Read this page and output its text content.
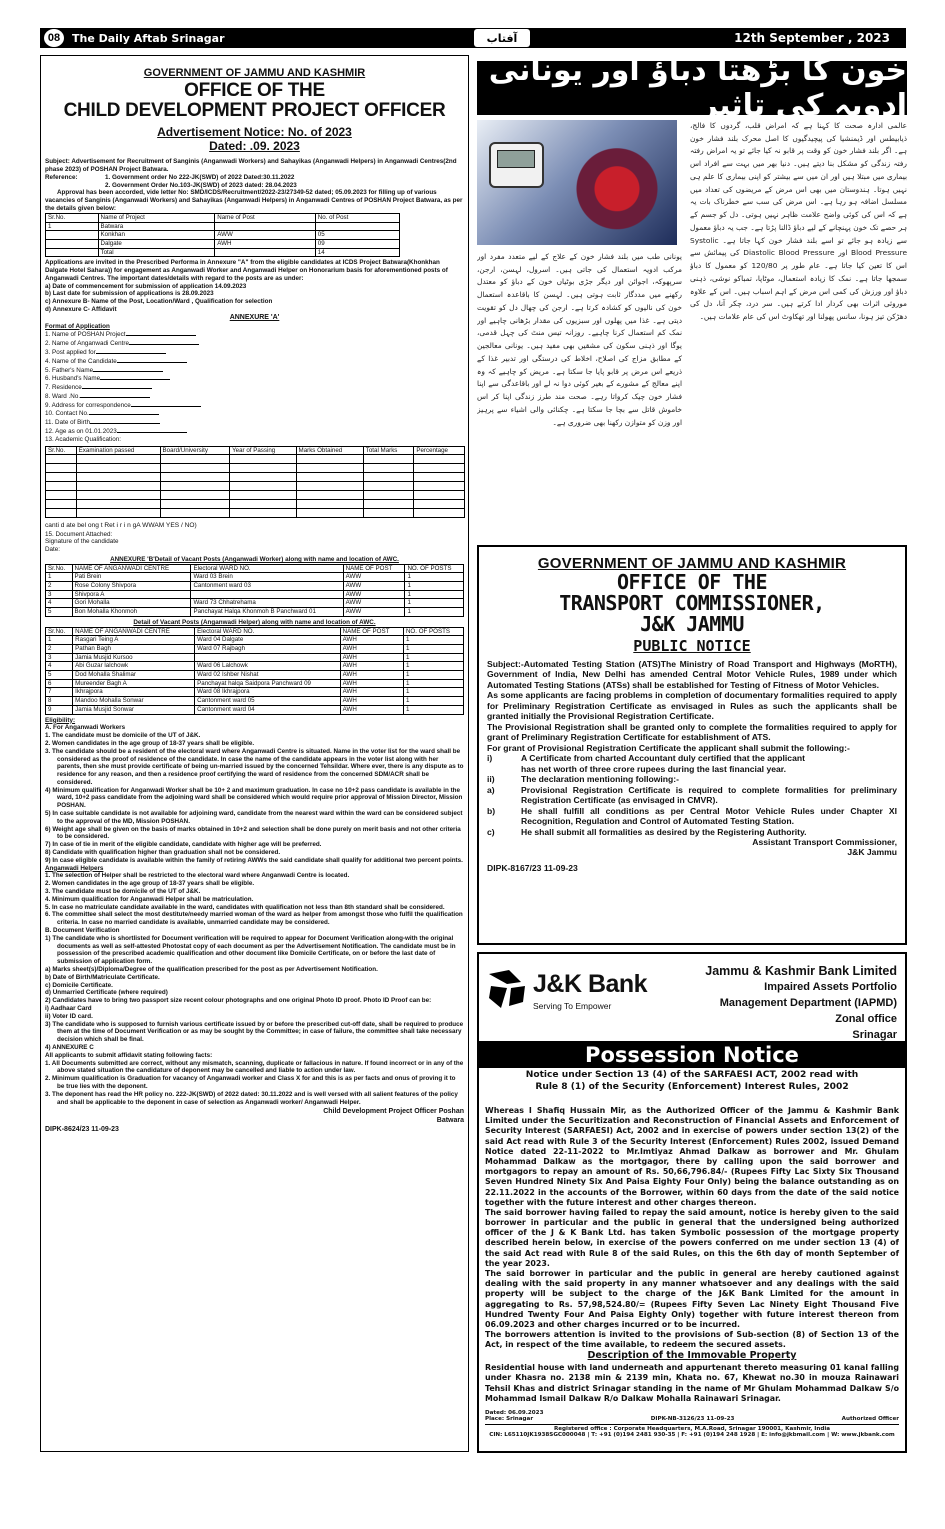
08	The Daily Aftab Srinagar	آفتاب	12th September , 2023
GOVERNMENT OF JAMMU AND KASHMIR
OFFICE OF THE
CHILD DEVELOPMENT PROJECT OFFICER
Advertisement Notice: No. of 2023
Dated: .09. 2023
Subject: Advertisement for Recruitment of Sanginis (Anganwadi Workers) and Sahayikas (Anganwadi Helpers) in Anganwadi Centres(2nd phase 2023) of POSHAN Project Batwara.
Reference:	1. Government order No 222-JK(SWD) of 2022 Dated:30.11.2022
2. Government Order No.103-JK(SWD) of 2023 dated: 28.04.2023
Approval has been accorded, vide letter No: SMD/ICDS/Recruitment/2022-23/27349-52 dated; 05.09.2023 for filling up of various vacancies of Sanginis (Anganwadi Workers) and Sahayikas (Anganwadi Helpers) in Anganwadi Centres of POSHAN Project Batwara, as per the details given below:
Sr.No.	Name of Project	Name of Post	No. of Post
1	Batwara		
	Konkhan	AWW	05
	Dalgate	AWH	09
	Total		14
Applications are invited in the Prescribed Performa in Annexure "A" from the eligible candidates at ICDS Project Batwara(Khonkhan Dalgate Hotel Sahara)) for engagement as Anganwadi Worker and Anganwadi Helper on Honorarium basis for aforementioned posts of Anganwadi Centres. The important dates/details with regard to the posts are as under:
a) Date of commencement for submission of application 14.09.2023
b) Last date for submission of applications is 28.09.2023
c) Annexure B- Name of the Post, Location/Ward , Qualification for selection
d) Annexure C- Affidavit
ANNEXURE 'A'
Format of Application
1. Name of POSHAN Project
2. Name of Anganwadi Centre
3. Post applied for
4. Name of the Candidate
5. Father's Name
6. Husband's Name
7. Residence
8. Ward .No.
9. Address for correspondence
10. Contact No.
11. Date of Birth
12. Age as on 01.01.2023
13. Academic Qualification:
Sr.No.	Examination passed	Board/University	Year of Passing	Marks Obtained	Total Marks	Percentage

canti d ate bel ong t Ret i r i n gA WWAM YES / NO)
15. Document Attached:
Signature of the candidate
Date:
ANNEXURE 'B'Detail of Vacant Posts (Anganwadi Worker) along with name and location of AWC.
Sr.No.	NAME OF ANGANWADI CENTRE	Electoral WARD NO.	NAME OF POST	NO. OF POSTS
1	Pati Brein	Ward 03 Brein	AWW	1
2	Rose Colony Shivpora	Cantonment ward 03	AWW	1
3	Shivpora A		AWW	1
4	Gori Mohalla	Ward 73 Chhatrehama	AWW	1
5	Bon Mohalla Khonmoh	Panchayat Halqa Khonmoh B Panchward 01	AWW	1
Detail of Vacant Posts (Anganwadi Helper) along with name and location of AWC.
Sr.No.	NAME OF ANGANWADI CENTRE	Electoral WARD NO.	NAME OF POST	NO. OF POSTS
1	Rasgari Teing A	Ward 04 Dalgate	AWH	1
2	Pathan Bagh	Ward 07 Rajbagh	AWH	1
3	Jamia Musjid Kursoo		AWH	1
4	Abi Guzar lalchowk	Ward 06 Lalchowk	AWH	1
5	Dod Mohalla Shalimar	Ward 02 Ishber Nishat	AWH	1
6	Mureender Bagh A	Panchayat halqa Saidpora Panchward 09	AWH	1
7	Ikhrajpora	Ward 08 Ikhrajpora	AWH	1
8	Mandoo Mohalla Sonwar	Cantonment ward 05	AWH	1
9	Jamia Musjid Sonwar	Cantonment ward 04	AWH	1
Eligibility:
A. For Anganwadi Workers
1. The candidate must be domicile of the UT of J&K.
2. Women candidates in the age group of 18-37 years shall be eligible.
3. The candidate should be a resident of the electoral ward where Anganwadi Centre is situated. Name in the voter list for the ward shall be considered as the proof of residence of the candidate. In case the name of the candidate appears in the voter list along with her parents, then she must provide certificate of being un-married issued by the concerned Tehsildar. Where ever, there is any dispute as to residence for any reason, and then a residence proof certifying the ward of residence from the concerned SDM/ACR shall be considered.
4) Minimum qualification for Anganwadi Worker shall be 10+ 2 and maximum graduation. In case no 10+2 pass candidate is available in the ward, 10+2 pass candidate from the adjoining ward shall be considered which would require prior approval of Mission Director, Mission POSHAN.
5) In case suitable candidate is not available for adjoining ward, candidate from the nearest ward within the ward can be considered subject to the approval of the MD, Mission POSHAN.
6) Weight age shall be given on the basis of marks obtained in 10+2 and selection shall be done purely on merit basis and not other criteria to be considered.
7) In case of tie in merit of the eligible candidate, candidate with higher age will be preferred.
8) Candidate with qualification higher than graduation shall not be considered.
9) In case eligible candidate is available within the family of retiring AWWs the said candidate shall qualify for additional two percent points.
Anganwadi Helpers
1. The selection of Helper shall be restricted to the electoral ward where Anganwadi Centre is located.
2. Women candidates in the age group of 18-37 years shall be eligible.
3. The candidate must be domicile of the UT of J&K.
4. Minimum qualification for Anganwadi Helper shall be matriculation.
5. In case no matriculate candidate available in the ward, candidates with qualification not less than 8th standard shall be considered.
6. The committee shall select the most destitute/needy married woman of the ward as helper from amongst those who fulfil the qualification criteria. In case no married candidate is available, unmarried candidate may be considered.
B. Document Verification
1) The candidate who is shortlisted for Document verification will be required to appear for Document Verification along-with the original documents as well as self-attested Photostat copy of each document as per the Advertisement Notification. The candidate must be in possession of the prescribed academic qualification and other document like Domicile Certificate, on or before the last date of submission of application form.
a) Marks sheet(s)/Diploma/Degree of the qualification prescribed for the post as per Advertisement Notification.
b) Date of Birth/Matriculate Certificate.
c) Domicile Certificate.
d) Unmarried Certificate (where required)
2) Candidates have to bring two passport size recent colour photographs and one original Photo ID proof. Photo ID Proof can be:
i) Aadhaar Card
ii) Voter ID card.
3) The candidate who is supposed to furnish various certificate issued by or before the prescribed cut-off date, shall be required to produce them at the time of Document Verification or as may be sought by the Committee; in case of failure, the committee shall take necessary decision which shall be final.
4) ANNEXURE C
All applicants to submit affidavit stating following facts:
1. All Documents submitted are correct, without any mismatch, scanning, duplicate or fallacious in nature. If found incorrect or in any of the above stated situation the candidature of deponent may be cancelled and liable to action under law.
2. Minimum qualification is Graduation for vacancy of Anganwadi worker and Class X for and this is as per facts and onus of proving it to be true lies with the deponent.
3. The deponent has read the HR policy no. 222-JK(SWD) of 2022 dated: 30.11.2022 and is well versed with all salient features of the policy and shall be applicable to the deponent in case of selection as Anganwadi worker/ Anganwadi Helper.
Child Development Project Officer Poshan
Batwara
DIPK-8624/23 11-09-23
خون کا بڑھتا دباؤ اور یونانی ادویہ کی تاثیر
عالمی ادارہ صحت کا کہنا ہے کہ امراض قلب، گردوں کا فالج، ذیابیطس اور ڈیمنشیا کی پیچیدگیوں کا اصل محرک بلند فشار خون ہے۔ اگر بلند فشار خون کو وقت پر قابو نہ کیا جائے تو یہ امراض رفتہ رفتہ زندگی کو مشکل بنا دیتے ہیں۔ دنیا بھر میں بہت سے افراد اس بیماری میں مبتلا ہیں اور ان میں سے بیشتر کو اپنی بیماری کا علم ہی نہیں ہوتا۔ ہندوستان میں بھی اس مرض کے مریضوں کی تعداد میں مسلسل اضافہ ہو رہا ہے۔ اس مرض کی سب سے خطرناک بات یہ ہے کہ اس کی کوئی واضح علامت ظاہر نہیں ہوتی۔ دل کو جسم کے ہر حصے تک خون پہنچانے کے لیے دباؤ ڈالنا پڑتا ہے۔ جب یہ دباؤ معمول سے زیادہ ہو جائے تو اسے بلند فشار خون کہا جاتا ہے۔ Systolic Blood Pressure اور Diastolic Blood Pressure کی پیمائش سے اس کا تعین کیا جاتا ہے۔ عام طور پر 120/80 کو معمول کا دباؤ سمجھا جاتا ہے۔ نمک کا زیادہ استعمال، موٹاپا، تمباکو نوشی، ذہنی دباؤ اور ورزش کی کمی اس مرض کے اہم اسباب ہیں۔ اس کے علاوہ موروثی اثرات بھی کردار ادا کرتے ہیں۔ سر درد، چکر آنا، دل کی دھڑکن تیز ہونا، سانس پھولنا اور تھکاوٹ اس کی عام علامات ہیں۔
یونانی طب میں بلند فشار خون کے علاج کے لیے متعدد مفرد اور مرکب ادویہ استعمال کی جاتی ہیں۔ اسرول، لہسن، ارجن، سرپھوکہ، اجوائن اور دیگر جڑی بوٹیاں خون کے دباؤ کو معتدل رکھنے میں مددگار ثابت ہوتی ہیں۔ لہسن کا باقاعدہ استعمال خون کی نالیوں کو کشادہ کرتا ہے۔ ارجن کی چھال دل کو تقویت دیتی ہے۔ غذا میں پھلوں اور سبزیوں کی مقدار بڑھانی چاہیے اور نمک کم استعمال کرنا چاہیے۔ روزانہ تیس منٹ کی چہل قدمی، یوگا اور ذہنی سکون کی مشقیں بھی مفید ہیں۔ یونانی معالجین کے مطابق مزاج کی اصلاح، اخلاط کی درستگی اور تدبیر غذا کے ذریعے اس مرض پر قابو پایا جا سکتا ہے۔ مریض کو چاہیے کہ وہ اپنے معالج کے مشورے کے بغیر کوئی دوا نہ لے اور باقاعدگی سے اپنا فشار خون چیک کرواتا رہے۔ صحت مند طرز زندگی اپنا کر اس خاموش قاتل سے بچا جا سکتا ہے۔ چکنائی والی اشیاء سے پرہیز اور وزن کو متوازن رکھنا بھی ضروری ہے۔
GOVERNMENT OF JAMMU AND KASHMIR
OFFICE OF THE
TRANSPORT COMMISSIONER,
J&K JAMMU
PUBLIC NOTICE
Subject:-Automated Testing Station (ATS)The Ministry of Road Transport and Highways (MoRTH), Government of India, New Delhi has amended Central Motor Vehicle Rules, 1989 under which Automated Testing Stations (ATSs) shall be established for Testing of Fitness of Motor Vehicles.
As some applicants are facing problems in completion of documentary formalities required to apply for Preliminary Registration Certificate as envisaged in Rules as such the applicants shall be granted initially the Provisional Registration Certificate.
The Provisional Registration shall be granted only to complete the formalities required to apply for grant of Preliminary Registration Certificate for establishment of ATS.
For grant of Provisional Registration Certificate the applicant shall submit the following:-
i)	A Certificate from charted Accountant duly certified that the applicant
has net worth of three crore rupees during the last financial year.
ii)	The declaration mentioning following:-
a)	Provisional Registration Certificate is required to complete formalities for preliminary Registration Certificate (as envisaged in CMVR).
b)	He shall fulfill all conditions as per Central Motor Vehicle Rules under Chapter XI Recognition, Regulation and Control of Automated Testing Station.
c)	He shall submit all formalities as desired by the Registering Authority.
Assistant Transport Commissioner,
J&K Jammu
DIPK-8167/23 11-09-23
J&K Bank
Serving To Empower
Jammu & Kashmir Bank Limited
Impaired Assets Portfolio
Management Department (IAPMD)
Zonal office
Srinagar
Possession Notice
Notice under Section 13 (4) of the SARFAESI ACT, 2002 read with
Rule 8 (1) of the Security (Enforcement) Interest Rules, 2002
Whereas I Shafiq Hussain Mir, as the Authorized Officer of the Jammu & Kashmir Bank Limited under the Securitization and Reconstruction of Financial Assets and Enforcement of Security Interest (SARFAESI) Act, 2002 and in exercise of powers under section 13(2) of the said Act read with Rule 3 of the Security Interest (Enforcement) Rules 2002, issued Demand Notice dated 22-11-2022 to Mr.Imtiyaz Ahmad Dalkaw as borrower and Mr. Ghulam Mohammad Dalkaw as the mortgagor, there by calling upon the said borrower and mortgagors to repay an amount of Rs. 50,66,796.84/- (Rupees Fifty Lac Sixty Six Thousand Seven Hundred Ninety Six And Paisa Eighty Four Only) being the balance outstanding as on 22.11.2022 in the accounts of the Borrower, within 60 days from the date of the said notice together with the future interest and other charges thereon.
The said borrower having failed to repay the said amount, notice is hereby given to the said borrower in particular and the public in general that the undersigned being authorized officer of the J & K Bank Ltd. has taken Symbolic possession of the mortgage property described herein below, in exercise of the powers conferred on me under section 13 (4) of the said Act read with Rule 8 of the said Rules, on this the 6th day of month September of the year 2023.
The said borrower in particular and the public in general are hereby cautioned against dealing with the said property in any manner whatsoever and any dealings with the said property will be subject to the charge of the J&K Bank Limited for the amount in aggregating to Rs. 57,98,524.80/= (Rupees Fifty Seven Lac Ninety Eight Thousand Five Hundred Twenty Four And Paisa Eighty Only) together with future interest thereon from 06.09.2023 and other charges incurred or to be incurred.
The borrowers attention is invited to the provisions of Sub-section (8) of Section 13 of the Act, in respect of the time available, to redeem the secured assets.
Description of the Immovable Property
Residential house with land underneath and appurtenant thereto measuring 01 kanal falling under Khasra no. 2138 min & 2139 min, Khata no. 67, Khewat no.30 in mouza Rainawari Tehsil Khas and district Srinagar standing in the name of Mr Ghulam Mohammad Dalkaw S/o Mohammad Ismail Dalkaw R/o Dalkaw Mohalla Rainawari Srinagar.
Dated: 06.09.2023
Place: Srinagar	DIPK-NB-3126/23 11-09-23	Authorized Officer
Registered office : Corporate Headquarters, M.A.Road, Srinagar 190001, Kashmir, India
CIN: L65110JK1938SGC000048 | T: +91 (0)194 2481 930-35 | F: +91 (0)194 248 1928 | E: info@jkbmail.com | W: www.jkbank.com
